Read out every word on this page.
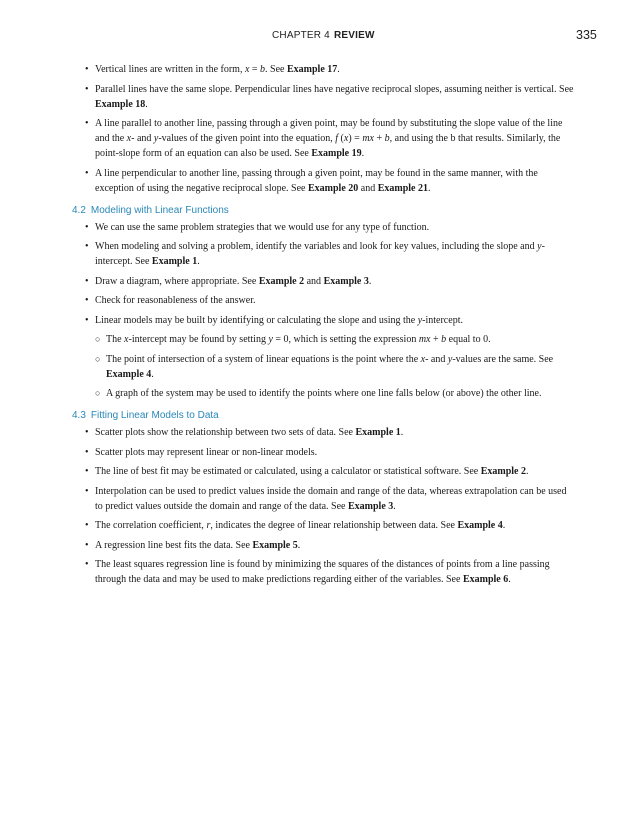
CHAPTER 4 REVIEW	335
• Vertical lines are written in the form, x = b. See Example 17.
• Parallel lines have the same slope. Perpendicular lines have negative reciprocal slopes, assuming neither is vertical. See Example 18.
• A line parallel to another line, passing through a given point, may be found by substituting the slope value of the line and the x- and y-values of the given point into the equation, f (x) = mx + b, and using the b that results. Similarly, the point-slope form of an equation can also be used. See Example 19.
• A line perpendicular to another line, passing through a given point, may be found in the same manner, with the exception of using the negative reciprocal slope. See Example 20 and Example 21.
4.2 Modeling with Linear Functions
• We can use the same problem strategies that we would use for any type of function.
• When modeling and solving a problem, identify the variables and look for key values, including the slope and y-intercept. See Example 1.
• Draw a diagram, where appropriate. See Example 2 and Example 3.
• Check for reasonableness of the answer.
• Linear models may be built by identifying or calculating the slope and using the y-intercept.
○ The x-intercept may be found by setting y = 0, which is setting the expression mx + b equal to 0.
○ The point of intersection of a system of linear equations is the point where the x- and y-values are the same. See Example 4.
○ A graph of the system may be used to identify the points where one line falls below (or above) the other line.
4.3 Fitting Linear Models to Data
• Scatter plots show the relationship between two sets of data. See Example 1.
• Scatter plots may represent linear or non-linear models.
• The line of best fit may be estimated or calculated, using a calculator or statistical software. See Example 2.
• Interpolation can be used to predict values inside the domain and range of the data, whereas extrapolation can be used to predict values outside the domain and range of the data. See Example 3.
• The correlation coefficient, r, indicates the degree of linear relationship between data. See Example 4.
• A regression line best fits the data. See Example 5.
• The least squares regression line is found by minimizing the squares of the distances of points from a line passing through the data and may be used to make predictions regarding either of the variables. See Example 6.
